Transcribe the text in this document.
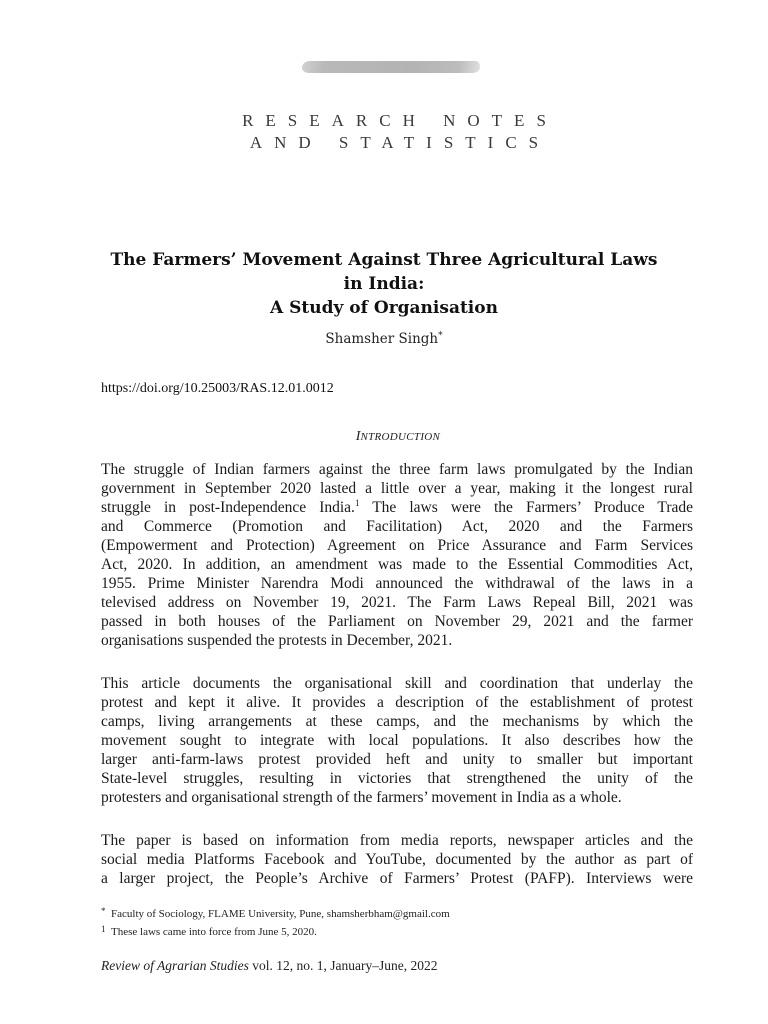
RESEARCH NOTES
AND STATISTICS
The Farmers’ Movement Against Three Agricultural Laws
in India:
A Study of Organisation
Shamsher Singh*
https://doi.org/10.25003/RAS.12.01.0012
INTRODUCTION
The struggle of Indian farmers against the three farm laws promulgated by the Indian
government in September 2020 lasted a little over a year, making it the longest rural
struggle in post-Independence India.$^1$ The laws were the Farmers’ Produce Trade
and Commerce (Promotion and Facilitation) Act, 2020 and the Farmers
(Empowerment and Protection) Agreement on Price Assurance and Farm Services
Act, 2020. In addition, an amendment was made to the Essential Commodities Act,
1955. Prime Minister Narendra Modi announced the withdrawal of the laws in a
televised address on November 19, 2021. The Farm Laws Repeal Bill, 2021 was
passed in both houses of the Parliament on November 29, 2021 and the farmer
organisations suspended the protests in December, 2021.
This article documents the organisational skill and coordination that underlay the
protest and kept it alive. It provides a description of the establishment of protest
camps, living arrangements at these camps, and the mechanisms by which the
movement sought to integrate with local populations. It also describes how the
larger anti-farm-laws protest provided heft and unity to smaller but important
State-level struggles, resulting in victories that strengthened the unity of the
protesters and organisational strength of the farmers’ movement in India as a whole.
The paper is based on information from media reports, newspaper articles and the
social media Platforms Facebook and YouTube, documented by the author as part of
a larger project, the People’s Archive of Farmers’ Protest (PAFP). Interviews were
* Faculty of Sociology, FLAME University, Pune, shamsherbham@gmail.com
1 These laws came into force from June 5, 2020.
Review of Agrarian Studies vol. 12, no. 1, January–June, 2022
